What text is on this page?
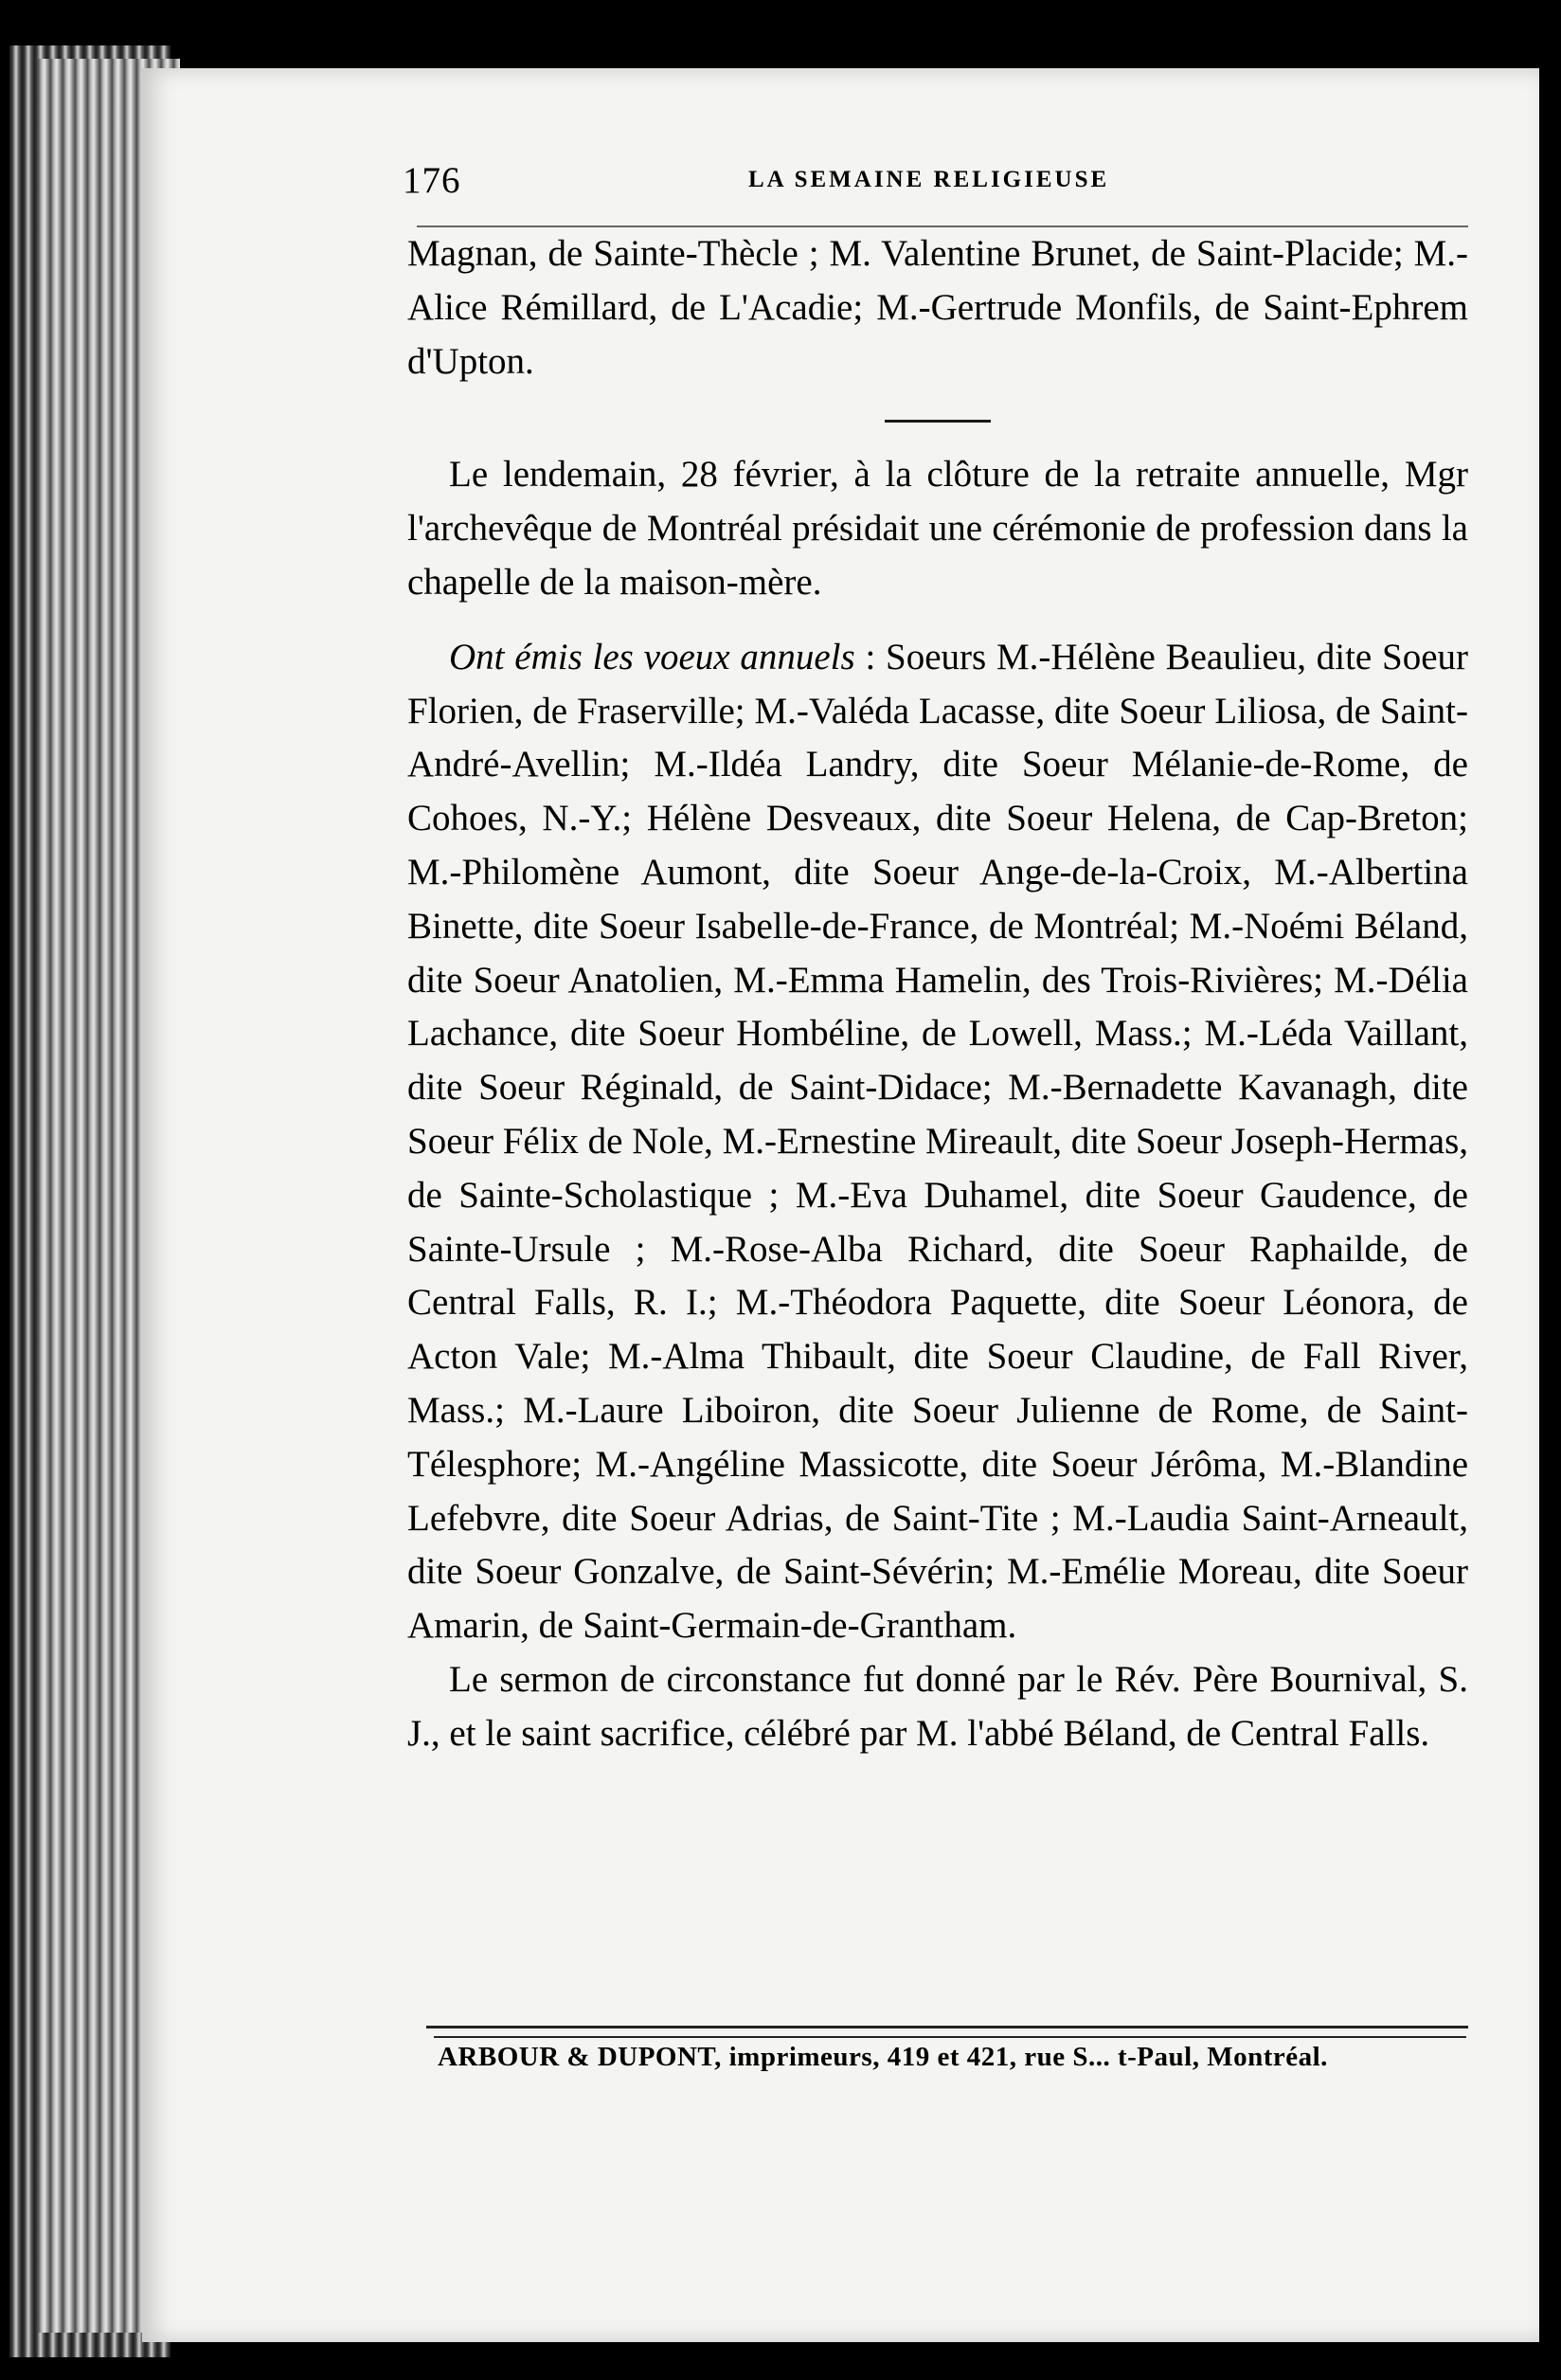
176	LA SEMAINE RELIGIEUSE

Magnan, de Sainte-Thècle ; M. Valentine Brunet, de Saint-Placide; M.-Alice Rémillard, de L'Acadie; M.-Gertrude Monfils, de Saint-Ephrem d'Upton.

Le lendemain, 28 février, à la clôture de la retraite annuelle, Mgr l'archevêque de Montréal présidait une cérémonie de profession dans la chapelle de la maison-mère.

Ont émis les voeux annuels : Soeurs M.-Hélène Beaulieu, dite Soeur Florien, de Fraserville; M.-Valéda Lacasse, dite Soeur Liliosa, de Saint-André-Avellin; M.-Ildéa Landry, dite Soeur Mélanie-de-Rome, de Cohoes, N.-Y.; Hélène Desveaux, dite Soeur Helena, de Cap-Breton; M.-Philomène Aumont, dite Soeur Ange-de-la-Croix, M.-Albertina Binette, dite Soeur Isabelle-de-France, de Montréal; M.-Noémi Béland, dite Soeur Anatolien, M.-Emma Hamelin, des Trois-Rivières; M.-Délia Lachance, dite Soeur Hombéline, de Lowell, Mass.; M.-Léda Vaillant, dite Soeur Réginald, de Saint-Didace; M.-Bernadette Kavanagh, dite Soeur Félix de Nole, M.-Ernestine Mireault, dite Soeur Joseph-Hermas, de Sainte-Scholastique ; M.-Eva Duhamel, dite Soeur Gaudence, de Sainte-Ursule ; M.-Rose-Alba Richard, dite Soeur Raphailde, de Central Falls, R. I.; M.-Théodora Paquette, dite Soeur Léonora, de Acton Vale; M.-Alma Thibault, dite Soeur Claudine, de Fall River, Mass.; M.-Laure Liboiron, dite Soeur Julienne de Rome, de Saint-Télesphore; M.-Angéline Massicotte, dite Soeur Jérôma, M.-Blandine Lefebvre, dite Soeur Adrias, de Saint-Tite ; M.-Laudia Saint-Arneault, dite Soeur Gonzalve, de Saint-Sévérin; M.-Emélie Moreau, dite Soeur Amarin, de Saint-Germain-de-Grantham.

Le sermon de circonstance fut donné par le Rév. Père Bournival, S. J., et le saint sacrifice, célébré par M. l'abbé Béland, de Central Falls.

ARBOUR & DUPONT, imprimeurs, 419 et 421, rue S... t-Paul, Montréal.
